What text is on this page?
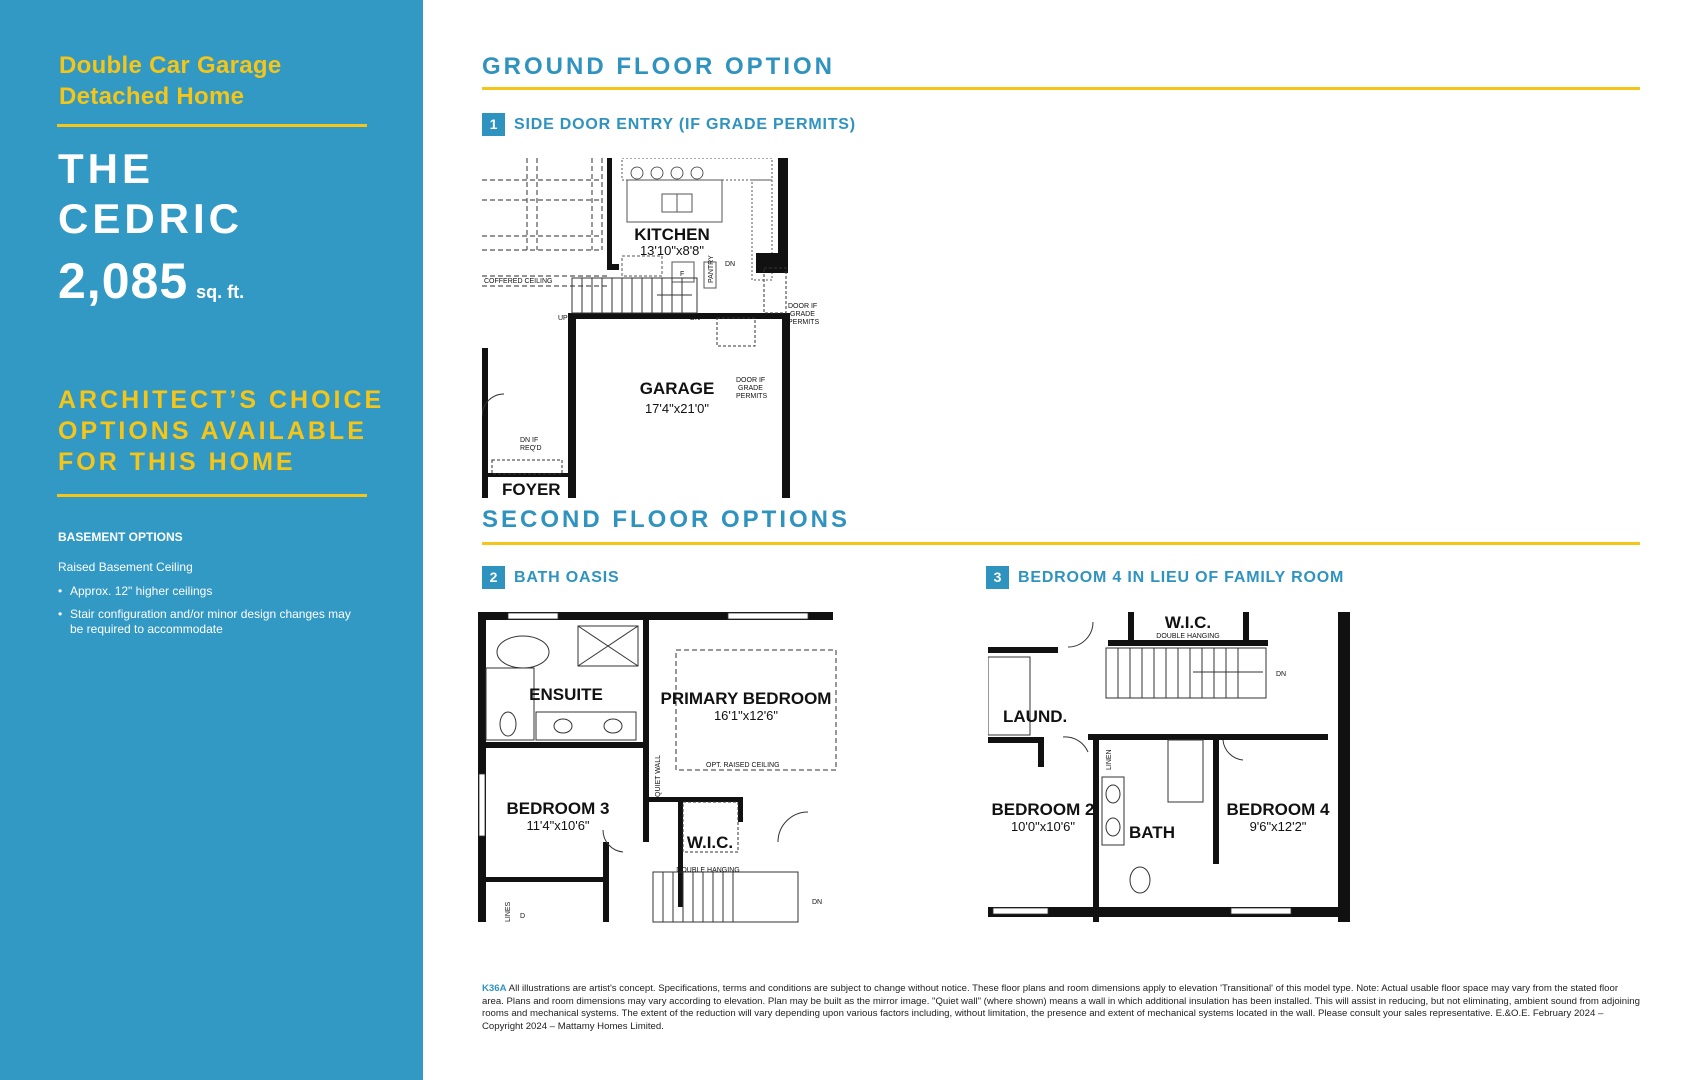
Double Car Garage
Detached Home
THE
CEDRIC
2,085 sq. ft.
ARCHITECT’S CHOICE
OPTIONS AVAILABLE
FOR THIS HOME
BASEMENT OPTIONS
Raised Basement Ceiling
• Approx. 12" higher ceilings
• Stair configuration and/or minor design changes may be required to accommodate
GROUND FLOOR OPTION
1	SIDE DOOR ENTRY (IF GRADE PERMITS)
KITCHEN
13'10"x8'8"
GARAGE
17'4"x21'0"
FOYER
COFFERED CEILING	PANTRY
F
UP
DN
DN
DOOR IF
GRADE
PERMITS
DOOR IF
GRADE
PERMITS
DN IF
REQ'D
SECOND FLOOR OPTIONS
2	BATH OASIS	3	BEDROOM 4 IN LIEU OF FAMILY ROOM
ENSUITE	PRIMARY BEDROOM
16'1"x12'6"
BEDROOM 3
11'4"x10'6"
W.I.C.
OPT. RAISED CEILING
QUIET WALL
DOUBLE HANGING
DN
D
LINES
LAUND.
BEDROOM 2
10'0"x10'6"	BATH
BEDROOM 4
9'6"x12'2"
W.I.C.
DOUBLE HANGING
LINEN
DN
K36A All illustrations are artist's concept. Specifications, terms and conditions are subject to change without notice. These floor plans and room dimensions apply to elevation 'Transitional' of this model type. Note: Actual usable floor space may vary from the stated floor area. Plans and room dimensions may vary according to elevation. Plan may be built as the mirror image. "Quiet wall" (where shown) means a wall in which additional insulation has been installed. This will assist in reducing, but not eliminating, ambient sound from adjoining rooms and mechanical systems. The extent of the reduction will vary depending upon various factors including, without limitation, the presence and extent of mechanical systems located in the wall. Please consult your sales representative. E.&O.E. February 2024 – Copyright 2024 – Mattamy Homes Limited.
